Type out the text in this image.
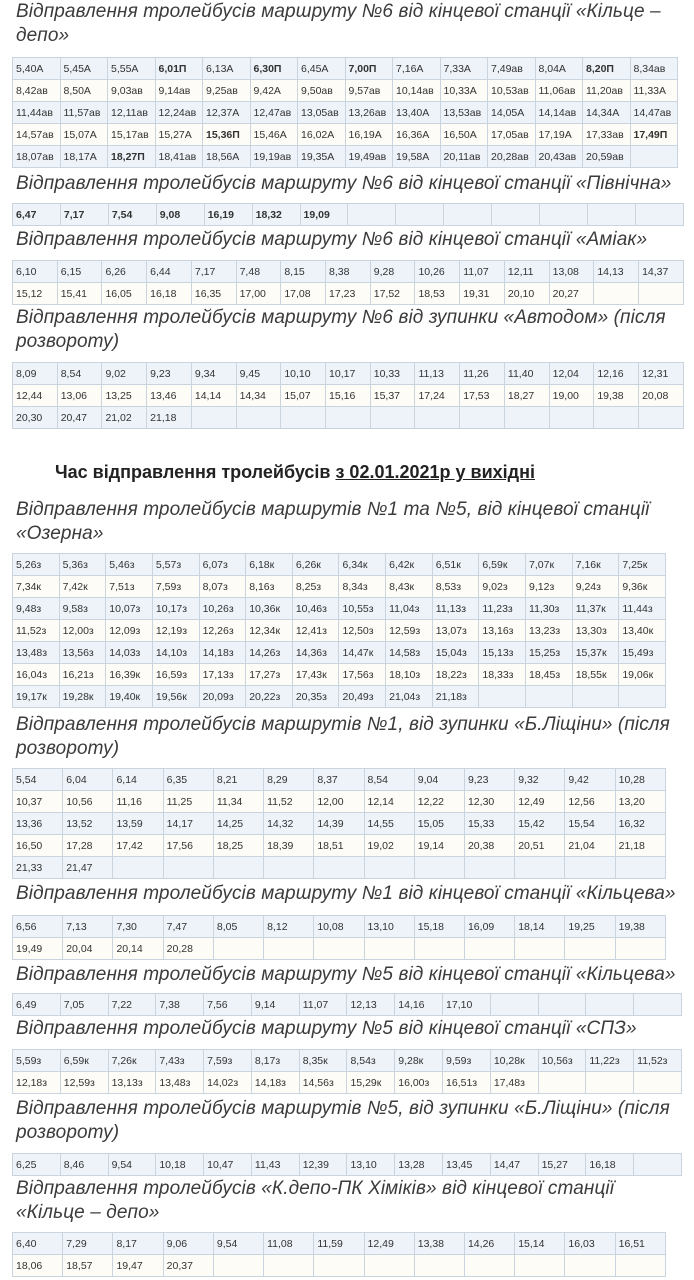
Відправлення тролейбусів маршруту №6 від кінцевої станції «Кільце – депо»
5,40А	5,45А	5,55А	6,01П	6,13А	6,30П	6,45А	7,00П	7,16А	7,33А	7,49ав	8,04А	8,20П	8,34ав
8,42ав	8,50А	9,03ав	9,14ав	9,25ав	9,42А	9,50ав	9,57ав	10,14ав	10,33А	10,53ав	11,06ав	11,20ав	11,33А
11,44ав	11,57ав	12,11ав	12,24ав	12,37А	12,47ав	13,05ав	13,26ав	13,40А	13,53ав	14,05А	14,14ав	14,34А	14,47ав
14,57ав	15,07А	15,17ав	15,27А	15,36П	15,46А	16,02А	16,19А	16,36А	16,50А	17,05ав	17,19А	17,33ав	17,49П
18,07ав	18,17А	18,27П	18,41ав	18,56А	19,19ав	19,35А	19,49ав	19,58А	20,11ав	20,28ав	20,43ав	20,59ав	
Відправлення тролейбусів маршруту №6 від кінцевої станції «Північна»
6,47	7,17	7,54	9,08	16,19	18,32	19,09							
Відправлення тролейбусів маршруту №6 від кінцевої станції «Аміак»
6,10	6,15	6,26	6,44	7,17	7,48	8,15	8,38	9,28	10,26	11,07	12,11	13,08	14,13	14,37
15,12	15,41	16,05	16,18	16,35	17,00	17,08	17,23	17,52	18,53	19,31	20,10	20,27		
Відправлення тролейбусів маршруту №6 від зупинки «Автодом» (після розвороту)
8,09	8,54	9,02	9,23	9,34	9,45	10,10	10,17	10,33	11,13	11,26	11,40	12,04	12,16	12,31
12,44	13,06	13,25	13,46	14,14	14,34	15,07	15,16	15,37	17,24	17,53	18,27	19,00	19,38	20,08
20,30	20,47	21,02	21,18											
Час відправлення тролейбусів з 02.01.2021р у вихідні
Відправлення тролейбусів маршрутів №1 та №5, від кінцевої станції «Озерна»
5,26з	5,36з	5,46з	5,57з	6,07з	6,18к	6,26к	6,34к	6,42к	6,51к	6,59к	7,07к	7,16к	7,25к
7,34к	7,42к	7,51з	7,59з	8,07з	8,16з	8,25з	8,34з	8,43к	8,53з	9,02з	9,12з	9,24з	9,36к
9,48з	9,58з	10,07з	10,17з	10,26з	10,36к	10,46з	10,55з	11,04з	11,13з	11,23з	11,30з	11,37к	11,44з
11,52з	12,00з	12,09з	12,19з	12,26з	12,34к	12,41з	12,50з	12,59з	13,07з	13,16з	13,23з	13,30з	13,40к
13,48з	13,56з	14,03з	14,10з	14,18з	14,26з	14,36з	14,47к	14,58з	15,04з	15,13з	15,25з	15,37к	15,49з
16,04з	16,21з	16,39к	16,59з	17,13з	17,27з	17,43к	17,56з	18,10з	18,22з	18,33з	18,45з	18,55к	19,06к
19,17к	19,28к	19,40к	19,56к	20,09з	20,22з	20,35з	20,49з	21,04з	21,18з				
Відправлення тролейбусів маршрутів №1, від зупинки «Б.Ліщіни» (після розвороту)
5,54	6,04	6,14	6,35	8,21	8,29	8,37	8,54	9,04	9,23	9,32	9,42	10,28
10,37	10,56	11,16	11,25	11,34	11,52	12,00	12,14	12,22	12,30	12,49	12,56	13,20
13,36	13,52	13,59	14,17	14,25	14,32	14,39	14,55	15,05	15,33	15,42	15,54	16,32
16,50	17,28	17,42	17,56	18,25	18,39	18,51	19,02	19,14	20,38	20,51	21,04	21,18
21,33	21,47											
Відправлення тролейбусів маршруту №1 від кінцевої станції «Кільцева»
6,56	7,13	7,30	7,47	8,05	8,12	10,08	13,10	15,18	16,09	18,14	19,25	19,38
19,49	20,04	20,14	20,28									
Відправлення тролейбусів маршруту №5 від кінцевої станції «Кільцева»
6,49	7,05	7,22	7,38	7,56	9,14	11,07	12,13	14,16	17,10				
Відправлення тролейбусів маршруту №5 від кінцевої станції «СПЗ»
5,59з	6,59к	7,26к	7,43з	7,59з	8,17з	8,35к	8,54з	9,28к	9,59з	10,28к	10,56з	11,22з	11,52з
12,18з	12,59з	13,13з	13,48з	14,02з	14,18з	14,56з	15,29к	16,00з	16,51з	17,48з			
Відправлення тролейбусів маршрутів №5, від зупинки «Б.Ліщіни» (після розвороту)
6,25	8,46	9,54	10,18	10,47	11,43	12,39	13,10	13,28	13,45	14,47	15,27	16,18	
Відправлення тролейбусів «К.депо-ПК Хіміків» від кінцевої станції «Кільце – депо»
6,40	7,29	8,17	9,06	9,54	11,08	11,59	12,49	13,38	14,26	15,14	16,03	16,51
18,06	18,57	19,47	20,37									
